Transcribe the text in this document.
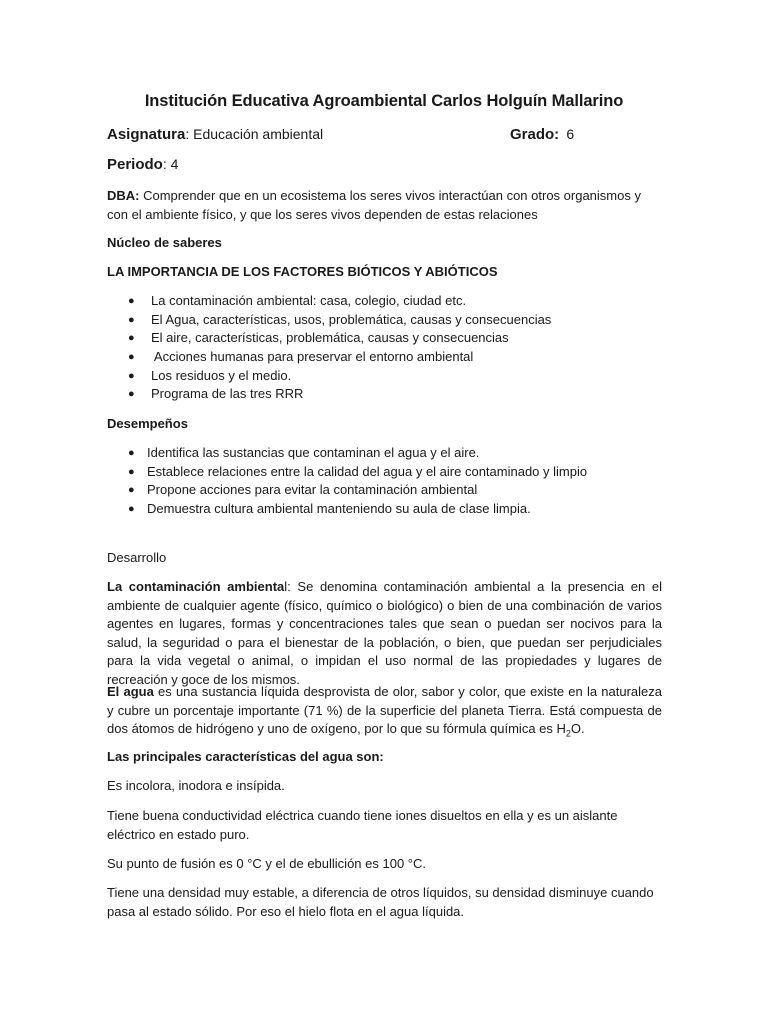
Institución Educativa Agroambiental Carlos Holguín Mallarino
Asignatura: Educación ambiental	Grado: 6
Periodo: 4
DBA: Comprender que en un ecosistema los seres vivos interactúan con otros organismos y con el ambiente físico, y que los seres vivos dependen de estas relaciones
Núcleo de saberes
LA IMPORTANCIA DE LOS FACTORES BIÓTICOS Y ABIÓTICOS
● La contaminación ambiental: casa, colegio, ciudad etc.
● El Agua, características, usos, problemática, causas y consecuencias
● El aire, características, problemática, causas y consecuencias
● Acciones humanas para preservar el entorno ambiental
● Los residuos y el medio.
● Programa de las tres RRR
Desempeños
● Identifica las sustancias que contaminan el agua y el aire.
● Establece relaciones entre la calidad del agua y el aire contaminado y limpio
● Propone acciones para evitar la contaminación ambiental
● Demuestra cultura ambiental manteniendo su aula de clase limpia.
Desarrollo
La contaminación ambiental: Se denomina contaminación ambiental a la presencia en el ambiente de cualquier agente (físico, químico o biológico) o bien de una combinación de varios agentes en lugares, formas y concentraciones tales que sean o puedan ser nocivos para la salud, la seguridad o para el bienestar de la población, o bien, que puedan ser perjudiciales para la vida vegetal o animal, o impidan el uso normal de las propiedades y lugares de recreación y goce de los mismos.
El agua es una sustancia líquida desprovista de olor, sabor y color, que existe en la naturaleza y cubre un porcentaje importante (71 %) de la superficie del planeta Tierra. Está compuesta de dos átomos de hidrógeno y uno de oxígeno, por lo que su fórmula química es $H_2O$.
Las principales características del agua son:
Es incolora, inodora e insípida.
Tiene buena conductividad eléctrica cuando tiene iones disueltos en ella y es un aislante eléctrico en estado puro.
Su punto de fusión es 0 °C y el de ebullición es 100 °C.
Tiene una densidad muy estable, a diferencia de otros líquidos, su densidad disminuye cuando pasa al estado sólido. Por eso el hielo flota en el agua líquida.
